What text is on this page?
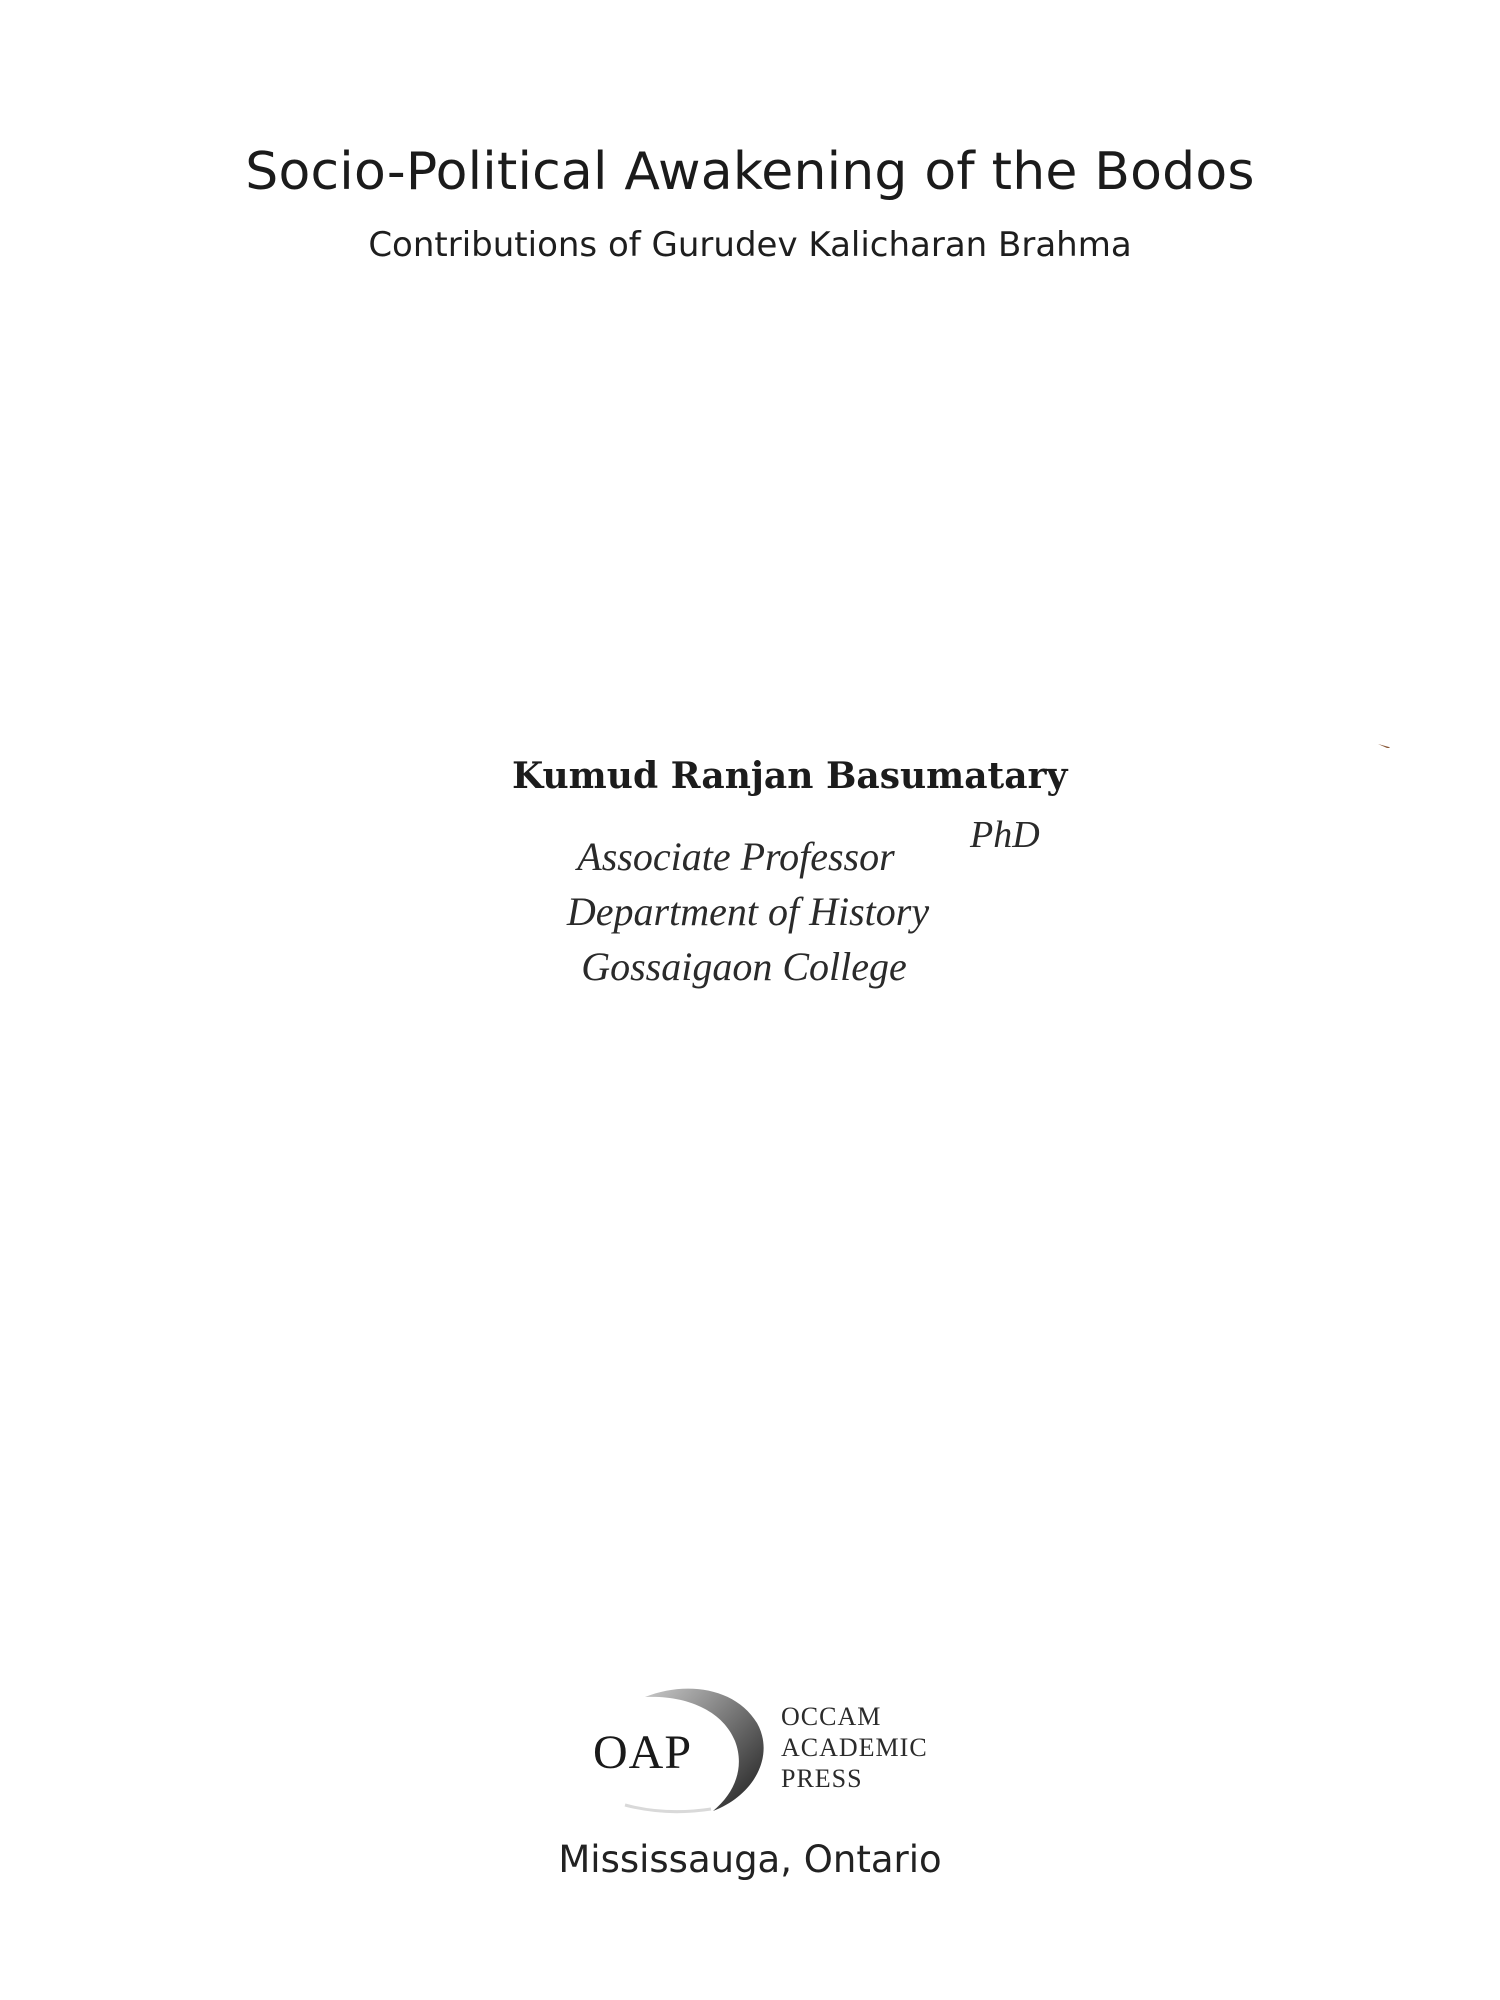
Socio-Political Awakening of the Bodos
Contributions of Gurudev Kalicharan Brahma
Kumud Ranjan Basumatary
PhD
Associate Professor
Department of History
Gossaigaon College
OAP
OCCAM
ACADEMIC
PRESS
Mississauga, Ontario
